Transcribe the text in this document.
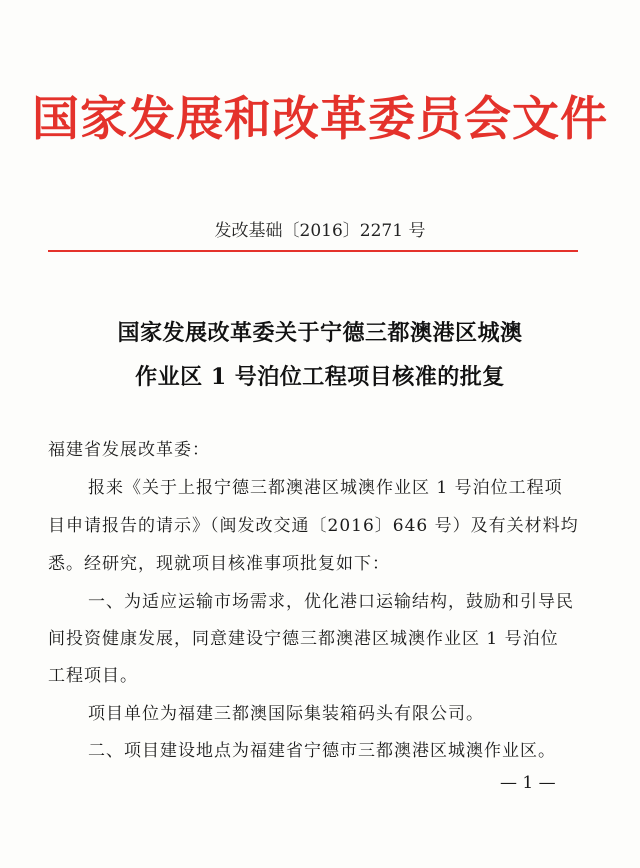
国家发展和改革委员会文件
发改基础〔2016〕2271 号
国家发展改革委关于宁德三都澳港区城澳
作业区 1 号泊位工程项目核准的批复
福建省发展改革委：
报来《关于上报宁德三都澳港区城澳作业区 1 号泊位工程项
目申请报告的请示》（闽发改交通〔2016〕646 号）及有关材料均
悉。经研究，现就项目核准事项批复如下：
一、为适应运输市场需求，优化港口运输结构，鼓励和引导民
间投资健康发展，同意建设宁德三都澳港区城澳作业区 1 号泊位
工程项目。
项目单位为福建三都澳国际集装箱码头有限公司。
二、项目建设地点为福建省宁德市三都澳港区城澳作业区。
— 1 —
